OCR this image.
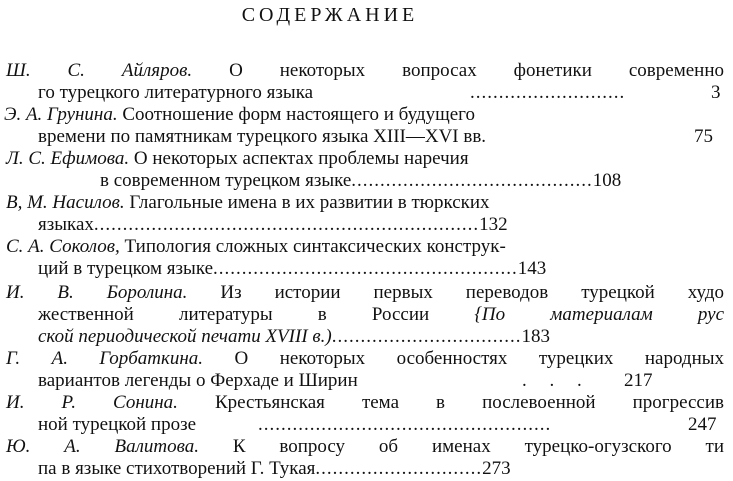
СОДЕРЖАНИЕ
Ш. С. Айляров. О некоторых вопросах фонетики современно
го турецкого литературного языка	...........................	3
Э. А. Грунина. Соотношение форм настоящего и будущего
времени по памятникам турецкого языка XIII—XVI вв.	75
Л. С. Ефимова. О некоторых аспектах проблемы наречия
в современном турецком языке..........................................108
В, М. Насилов. Глагольные имена в их развитии в тюркских
языках...................................................................132
С. А. Соколов, Типология сложных синтаксических конструк-
ций в турецком языке.....................................................143
И. В. Боролина. Из истории первых переводов турецкой худо
жественной литературы в России {По материалам рус
ской периодической печати XVIII в.).................................183
Г. А. Горбаткина. О некоторых особенностях турецких народных
вариантов легенды о Ферхаде и Ширин	. . . 217
И. Р. Сонина. Крестьянская тема в послевоенной прогрессив
ной турецкой прозе	...................................................	247
Ю. А. Валитова. К вопросу об именах турецко-огузского ти
па в языке стихотворений Г. Тукая.............................273
